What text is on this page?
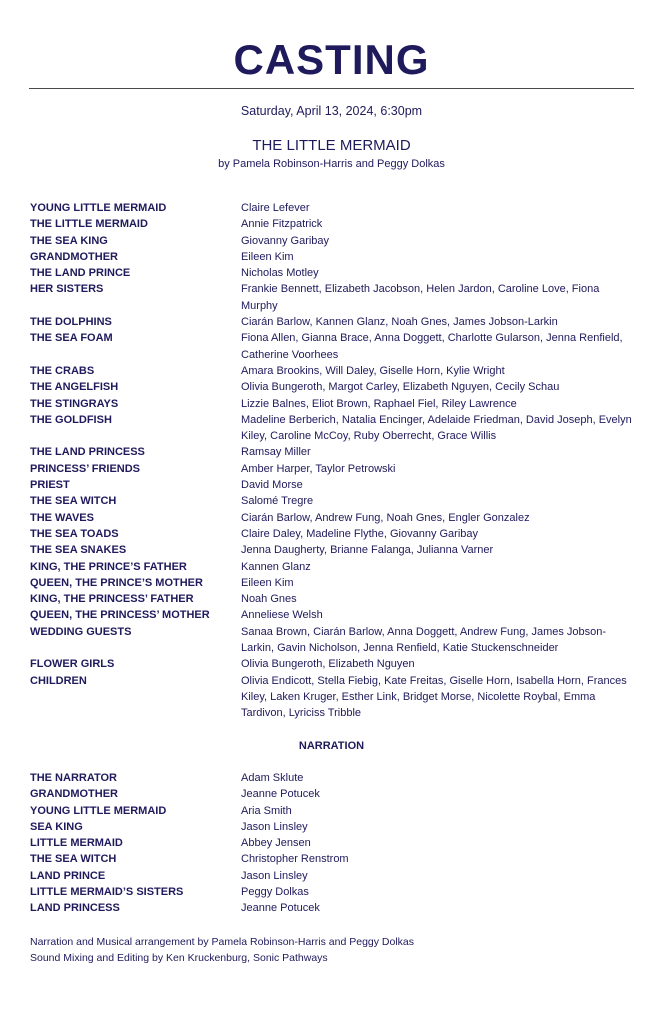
CASTING
Saturday, April 13, 2024, 6:30pm
THE LITTLE MERMAID
by Pamela Robinson-Harris and Peggy Dolkas
YOUNG LITTLE MERMAID	Claire Lefever
THE LITTLE MERMAID	Annie Fitzpatrick
THE SEA KING	Giovanny Garibay
GRANDMOTHER	Eileen Kim
THE LAND PRINCE	Nicholas Motley
HER SISTERS	Frankie Bennett, Elizabeth Jacobson, Helen Jardon, Caroline Love, Fiona Murphy
THE DOLPHINS	Ciarán Barlow, Kannen Glanz, Noah Gnes, James Jobson-Larkin
THE SEA FOAM	Fiona Allen, Gianna Brace, Anna Doggett, Charlotte Gularson, Jenna Renfield, Catherine Voorhees
THE CRABS	Amara Brookins, Will Daley, Giselle Horn, Kylie Wright
THE ANGELFISH	Olivia Bungeroth, Margot Carley, Elizabeth Nguyen, Cecily Schau
THE STINGRAYS	Lizzie Balnes, Eliot Brown, Raphael Fiel, Riley Lawrence
THE GOLDFISH	Madeline Berberich, Natalia Encinger, Adelaide Friedman, David Joseph, Evelyn Kiley, Caroline McCoy, Ruby Oberrecht, Grace Willis
THE LAND PRINCESS	Ramsay Miller
PRINCESS’ FRIENDS	Amber Harper, Taylor Petrowski
PRIEST	David Morse
THE SEA WITCH	Salomé Tregre
THE WAVES	Ciarán Barlow, Andrew Fung, Noah Gnes, Engler Gonzalez
THE SEA TOADS	Claire Daley, Madeline Flythe, Giovanny Garibay
THE SEA SNAKES	Jenna Daugherty, Brianne Falanga, Julianna Varner
KING, THE PRINCE’S FATHER	Kannen Glanz
QUEEN, THE PRINCE’S MOTHER	Eileen Kim
KING, THE PRINCESS’ FATHER	Noah Gnes
QUEEN, THE PRINCESS’ MOTHER	Anneliese Welsh
WEDDING GUESTS	Sanaa Brown, Ciarán Barlow, Anna Doggett, Andrew Fung, James Jobson-Larkin, Gavin Nicholson, Jenna Renfield, Katie Stuckenschneider
FLOWER GIRLS	Olivia Bungeroth, Elizabeth Nguyen
CHILDREN	Olivia Endicott, Stella Fiebig, Kate Freitas, Giselle Horn, Isabella Horn, Frances Kiley, Laken Kruger, Esther Link, Bridget Morse, Nicolette Roybal, Emma Tardivon, Lyriciss Tribble
NARRATION
THE NARRATOR	Adam Sklute
GRANDMOTHER	Jeanne Potucek
YOUNG LITTLE MERMAID	Aria Smith
SEA KING	Jason Linsley
LITTLE MERMAID	Abbey Jensen
THE SEA WITCH	Christopher Renstrom
LAND PRINCE	Jason Linsley
LITTLE MERMAID’S SISTERS	Peggy Dolkas
LAND PRINCESS	Jeanne Potucek
Narration and Musical arrangement by Pamela Robinson-Harris and Peggy Dolkas
Sound Mixing and Editing by Ken Kruckenburg, Sonic Pathways
